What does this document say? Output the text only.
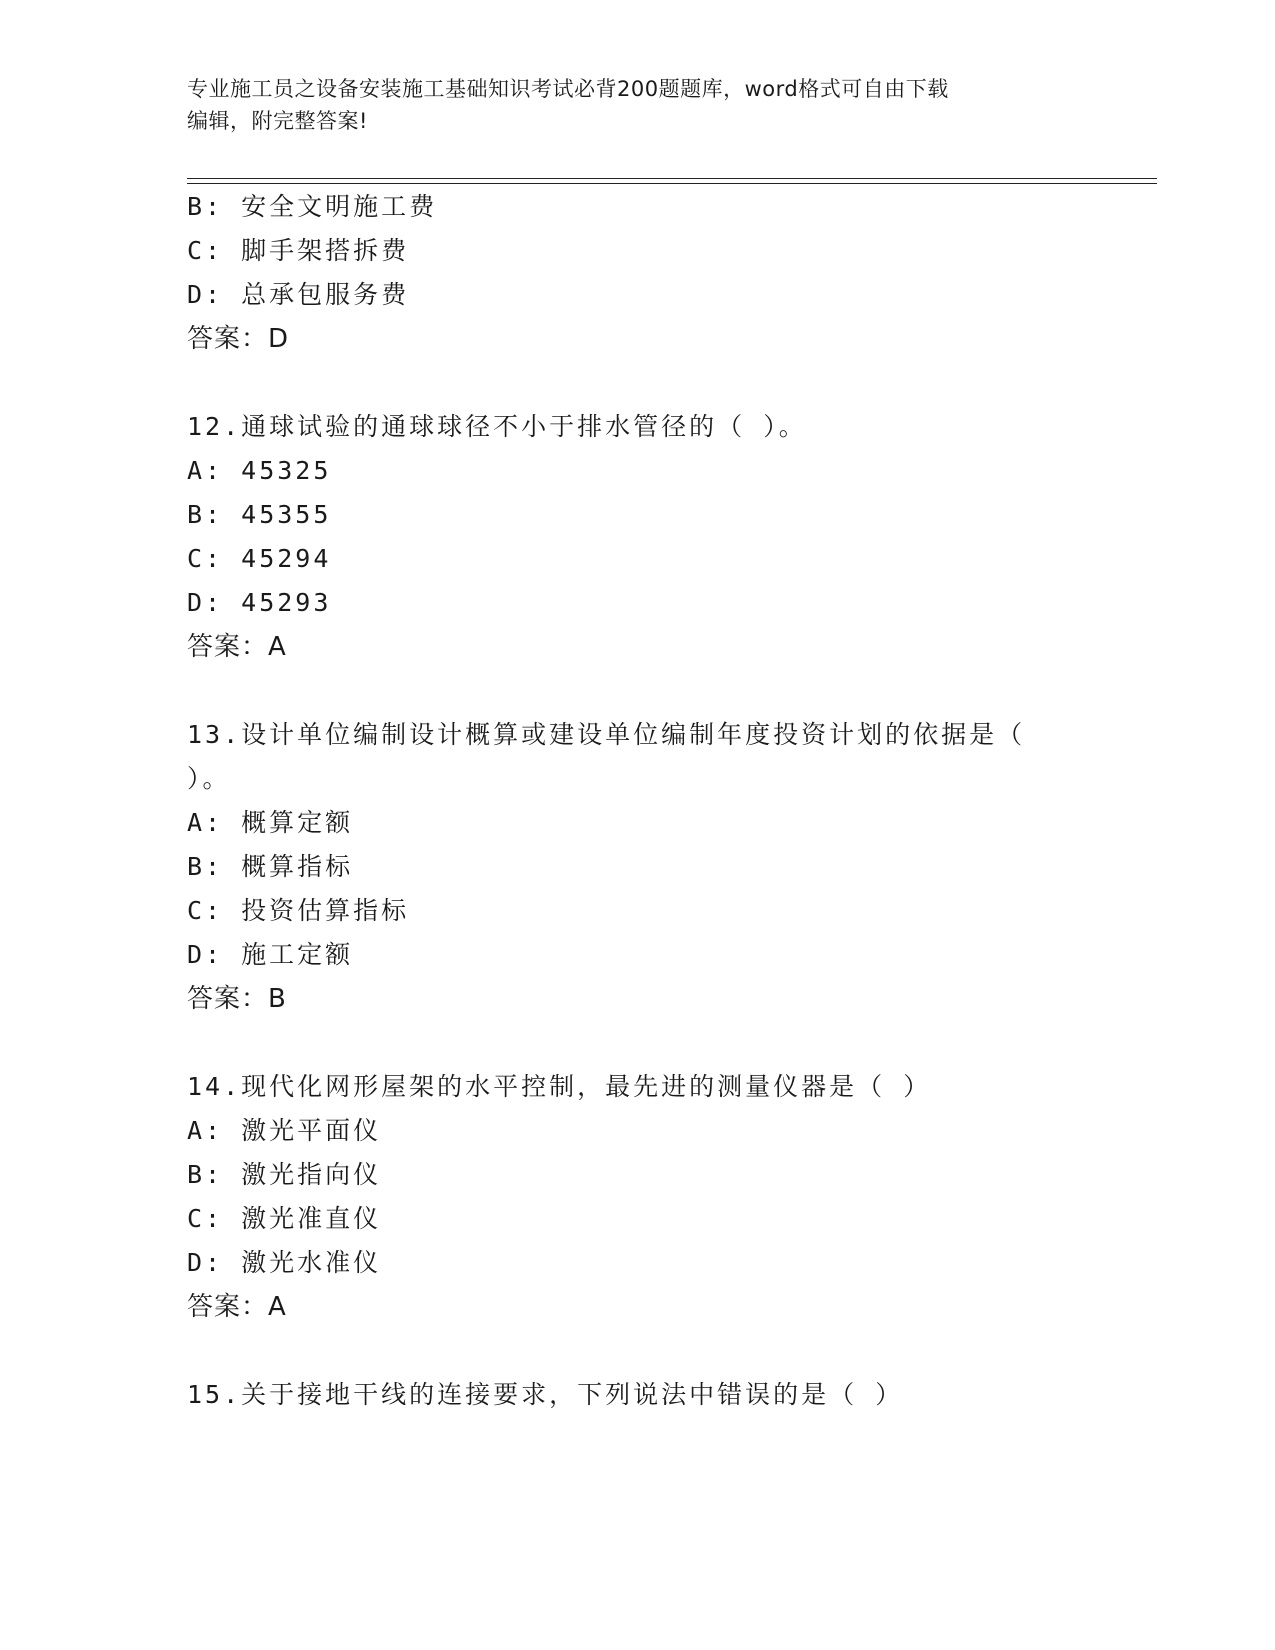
专业施工员之设备安装施工基础知识考试必背200题题库，word格式可自由下载
编辑，附完整答案!
B: 安全文明施工费
C: 脚手架搭拆费
D: 总承包服务费
答案：D
12.通球试验的通球球径不小于排水管径的（ ）。
A: 45325
B: 45355
C: 45294
D: 45293
答案：A
13.设计单位编制设计概算或建设单位编制年度投资计划的依据是（
）。
A: 概算定额
B: 概算指标
C: 投资估算指标
D: 施工定额
答案：B
14.现代化网形屋架的水平控制，最先进的测量仪器是（ ）
A: 激光平面仪
B: 激光指向仪
C: 激光准直仪
D: 激光水准仪
答案：A
15.关于接地干线的连接要求，下列说法中错误的是（ ）
